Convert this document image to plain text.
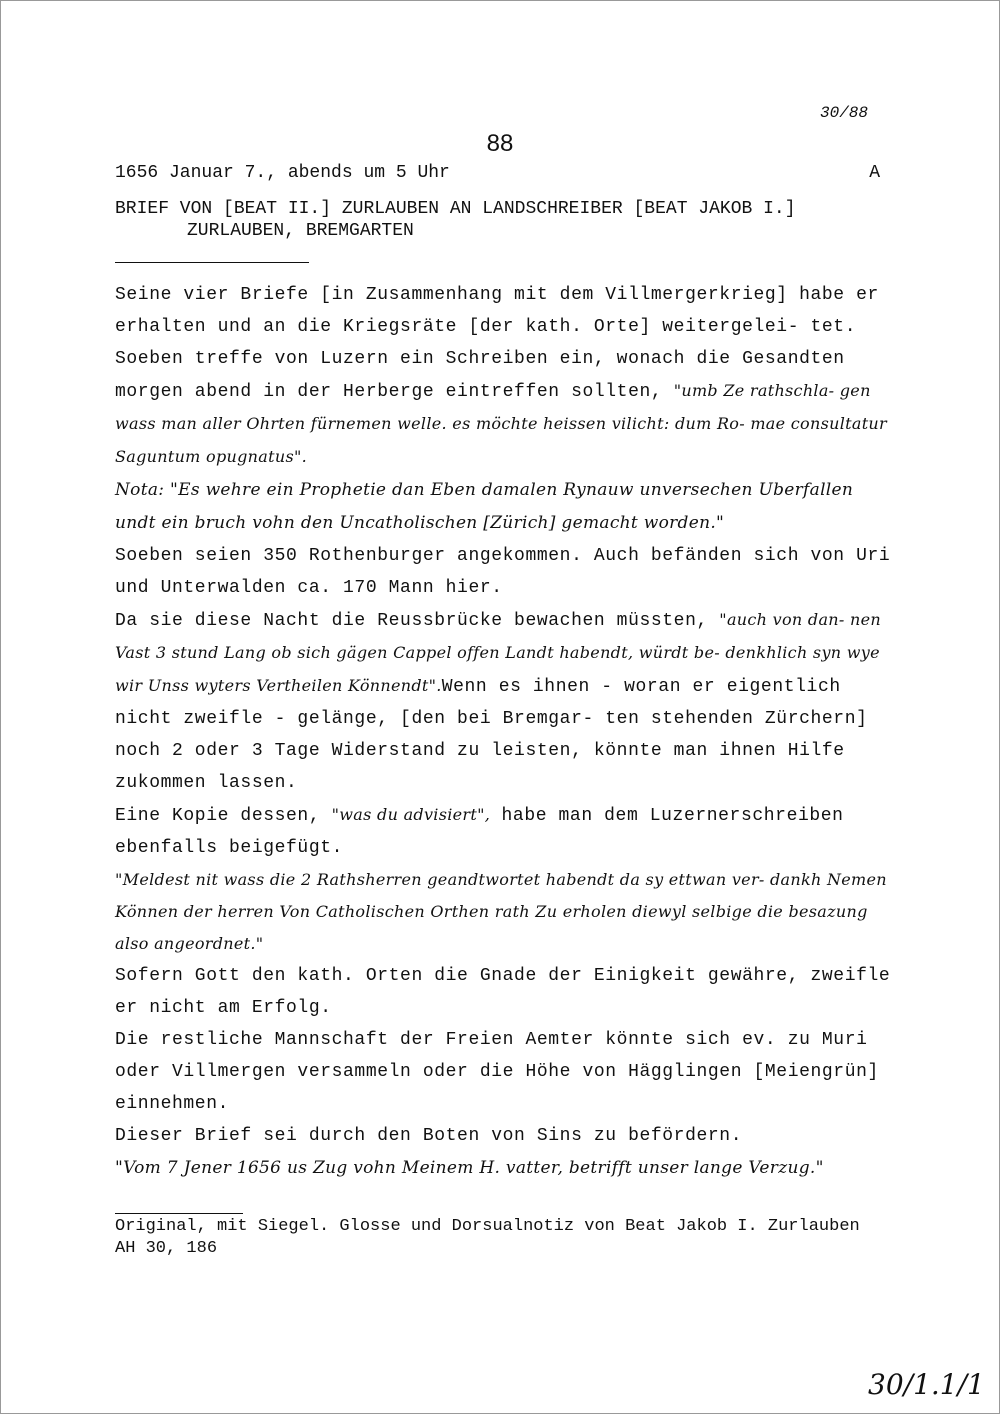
30/88
88
1656 Januar 7., abends um 5 Uhr	A
BRIEF VON [BEAT II.] ZURLAUBEN AN LANDSCHREIBER [BEAT JAKOB I.]
ZURLAUBEN, BREMGARTEN

Seine vier Briefe [in Zusammenhang mit dem Villmergerkrieg] habe er erhalten und an die Kriegsräte [der kath. Orte] weitergelei- tet.

Soeben treffe von Luzern ein Schreiben ein, wonach die Gesandten morgen abend in der Herberge eintreffen sollten, "umb Ze rathschla- gen wass man aller Ohrten fürnemen welle. es möchte heissen vilicht: dum Ro- mae consultatur Saguntum opugnatus".

Nota: "Es wehre ein Prophetie dan Eben damalen Rynauw unversechen Uberfallen undt ein bruch vohn den Uncatholischen [Zürich] gemacht worden."

Soeben seien 350 Rothenburger angekommen. Auch befänden sich von Uri und Unterwalden ca. 170 Mann hier.

Da sie diese Nacht die Reussbrücke bewachen müssten, "auch von dan- nen Vast 3 stund Lang ob sich gägen Cappel offen Landt habendt, würdt be- denkhlich syn wye wir Unss wyters Vertheilen Könnendt".Wenn es ihnen - woran er eigentlich nicht zweifle - gelänge, [den bei Bremgar- ten stehenden Zürchern] noch 2 oder 3 Tage Widerstand zu leisten, könnte man ihnen Hilfe zukommen lassen.

Eine Kopie dessen, "was du advisiert", habe man dem Luzernerschreiben ebenfalls beigefügt.

"Meldest nit wass die 2 Rathsherren geandtwortet habendt da sy ettwan ver- dankh Nemen Können der herren Von Catholischen Orthen rath Zu erholen diewyl selbige die besazung also angeordnet."

Sofern Gott den kath. Orten die Gnade der Einigkeit gewähre, zweifle er nicht am Erfolg.

Die restliche Mannschaft der Freien Aemter könnte sich ev. zu Muri oder Villmergen versammeln oder die Höhe von Hägglingen [Meiengrün] einnehmen.

Dieser Brief sei durch den Boten von Sins zu befördern.

"Vom 7 Jener 1656 us Zug vohn Meinem H. vatter, betrifft unser lange Verzug."

Original, mit Siegel. Glosse und Dorsualnotiz von Beat Jakob I. Zurlauben
AH 30, 186
30/1.1/1
